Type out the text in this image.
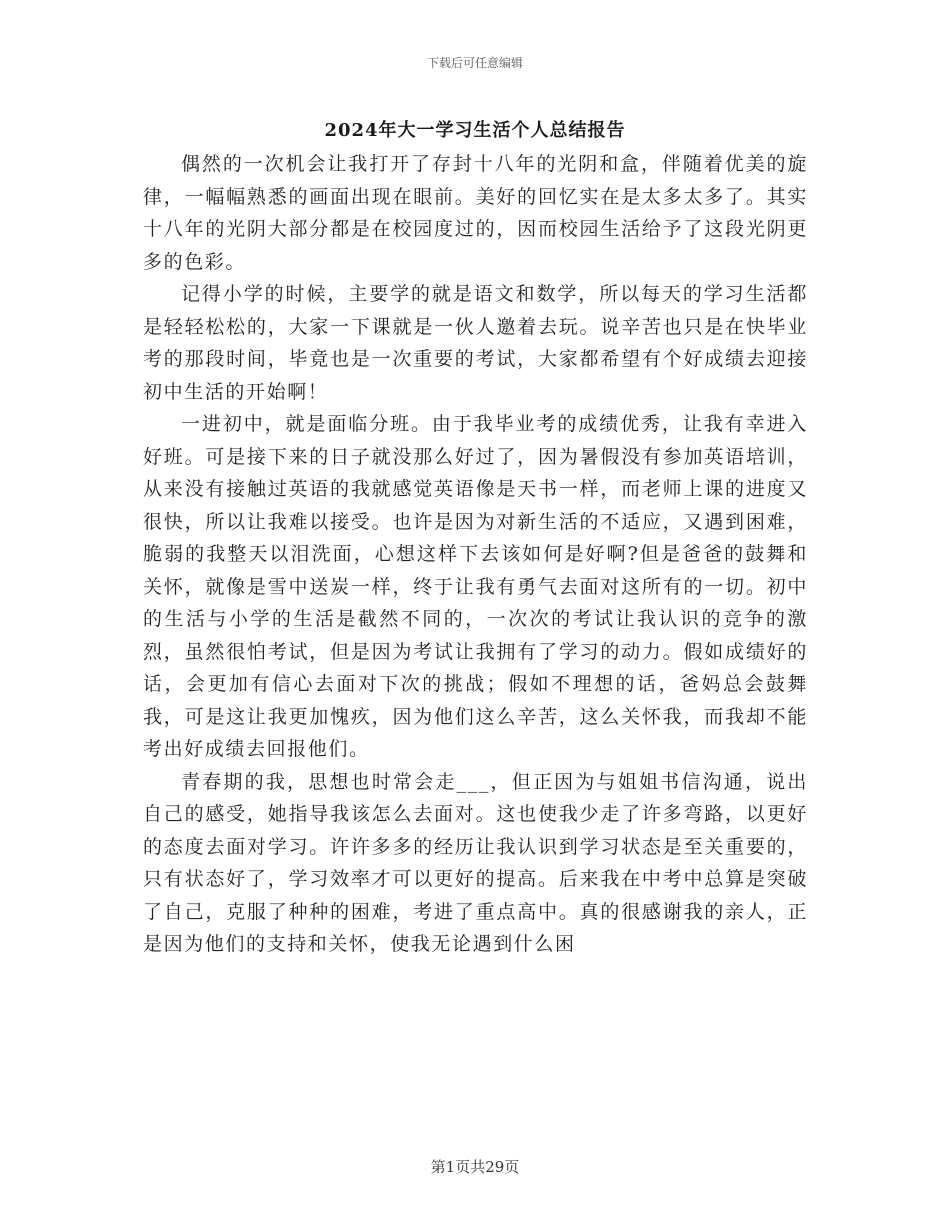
下载后可任意编辑
2024年大一学习生活个人总结报告

偶然的一次机会让我打开了存封十八年的光阴和盒，伴随着优美的旋律，一幅幅熟悉的画面出现在眼前。美好的回忆实在是太多太多了。其实十八年的光阴大部分都是在校园度过的，因而校园生活给予了这段光阴更多的色彩。

记得小学的时候，主要学的就是语文和数学，所以每天的学习生活都是轻轻松松的，大家一下课就是一伙人邀着去玩。说辛苦也只是在快毕业考的那段时间，毕竟也是一次重要的考试，大家都希望有个好成绩去迎接初中生活的开始啊！

一进初中，就是面临分班。由于我毕业考的成绩优秀，让我有幸进入好班。可是接下来的日子就没那么好过了，因为暑假没有参加英语培训，从来没有接触过英语的我就感觉英语像是天书一样，而老师上课的进度又很快，所以让我难以接受。也许是因为对新生活的不适应，又遇到困难，脆弱的我整天以泪洗面，心想这样下去该如何是好啊?但是爸爸的鼓舞和关怀，就像是雪中送炭一样，终于让我有勇气去面对这所有的一切。初中的生活与小学的生活是截然不同的，一次次的考试让我认识的竞争的激烈，虽然很怕考试，但是因为考试让我拥有了学习的动力。假如成绩好的话，会更加有信心去面对下次的挑战；假如不理想的话，爸妈总会鼓舞我，可是这让我更加愧疚，因为他们这么辛苦，这么关怀我，而我却不能考出好成绩去回报他们。

青春期的我，思想也时常会走___，但正因为与姐姐书信沟通，说出自己的感受，她指导我该怎么去面对。这也使我少走了许多弯路，以更好的态度去面对学习。许许多多的经历让我认识到学习状态是至关重要的，只有状态好了，学习效率才可以更好的提高。后来我在中考中总算是突破了自己，克服了种种的困难，考进了重点高中。真的很感谢我的亲人，正是因为他们的支持和关怀，使我无论遇到什么困

第1页共29页
